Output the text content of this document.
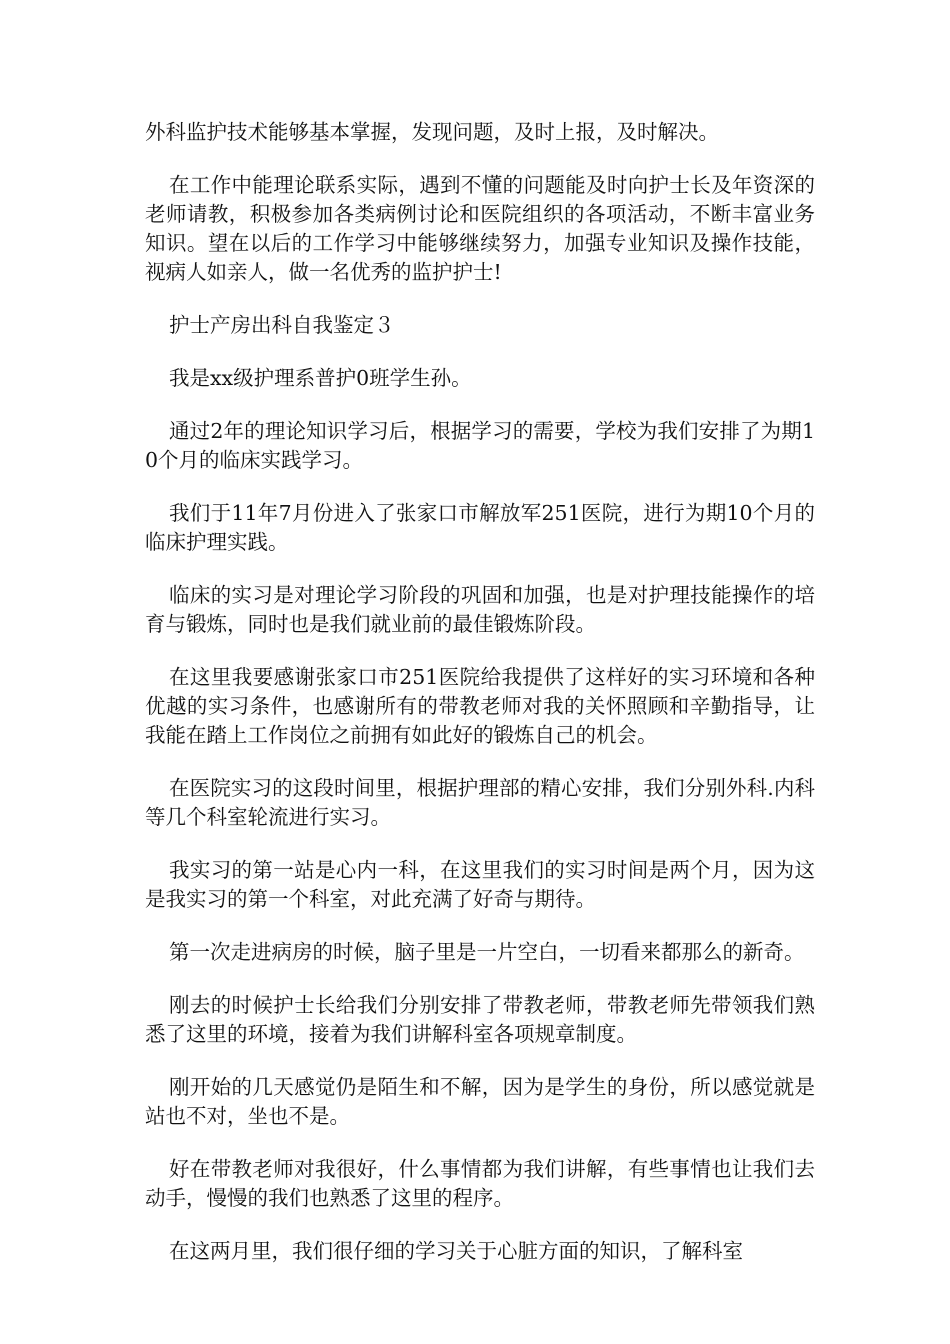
外科监护技术能够基本掌握，发现问题，及时上报，及时解决。

在工作中能理论联系实际，遇到不懂的问题能及时向护士长及年资深的老师请教，积极参加各类病例讨论和医院组织的各项活动，不断丰富业务知识。望在以后的工作学习中能够继续努力，加强专业知识及操作技能，视病人如亲人，做一名优秀的监护护士!

护士产房出科自我鉴定３

我是xx级护理系普护0班学生孙。

通过2年的理论知识学习后，根据学习的需要，学校为我们安排了为期10个月的临床实践学习。

我们于11年7月份进入了张家口市解放军251医院，进行为期10个月的临床护理实践。

临床的实习是对理论学习阶段的巩固和加强，也是对护理技能操作的培育与锻炼，同时也是我们就业前的最佳锻炼阶段。

在这里我要感谢张家口市251医院给我提供了这样好的实习环境和各种优越的实习条件，也感谢所有的带教老师对我的关怀照顾和辛勤指导，让我能在踏上工作岗位之前拥有如此好的锻炼自己的机会。

在医院实习的这段时间里，根据护理部的精心安排，我们分别外科.内科等几个科室轮流进行实习。

我实习的第一站是心内一科，在这里我们的实习时间是两个月，因为这是我实习的第一个科室，对此充满了好奇与期待。

第一次走进病房的时候，脑子里是一片空白，一切看来都那么的新奇。

刚去的时候护士长给我们分别安排了带教老师，带教老师先带领我们熟悉了这里的环境，接着为我们讲解科室各项规章制度。

刚开始的几天感觉仍是陌生和不解，因为是学生的身份，所以感觉就是站也不对，坐也不是。

好在带教老师对我很好，什么事情都为我们讲解，有些事情也让我们去动手，慢慢的我们也熟悉了这里的程序。

在这两月里，我们很仔细的学习关于心脏方面的知识，了解科室
